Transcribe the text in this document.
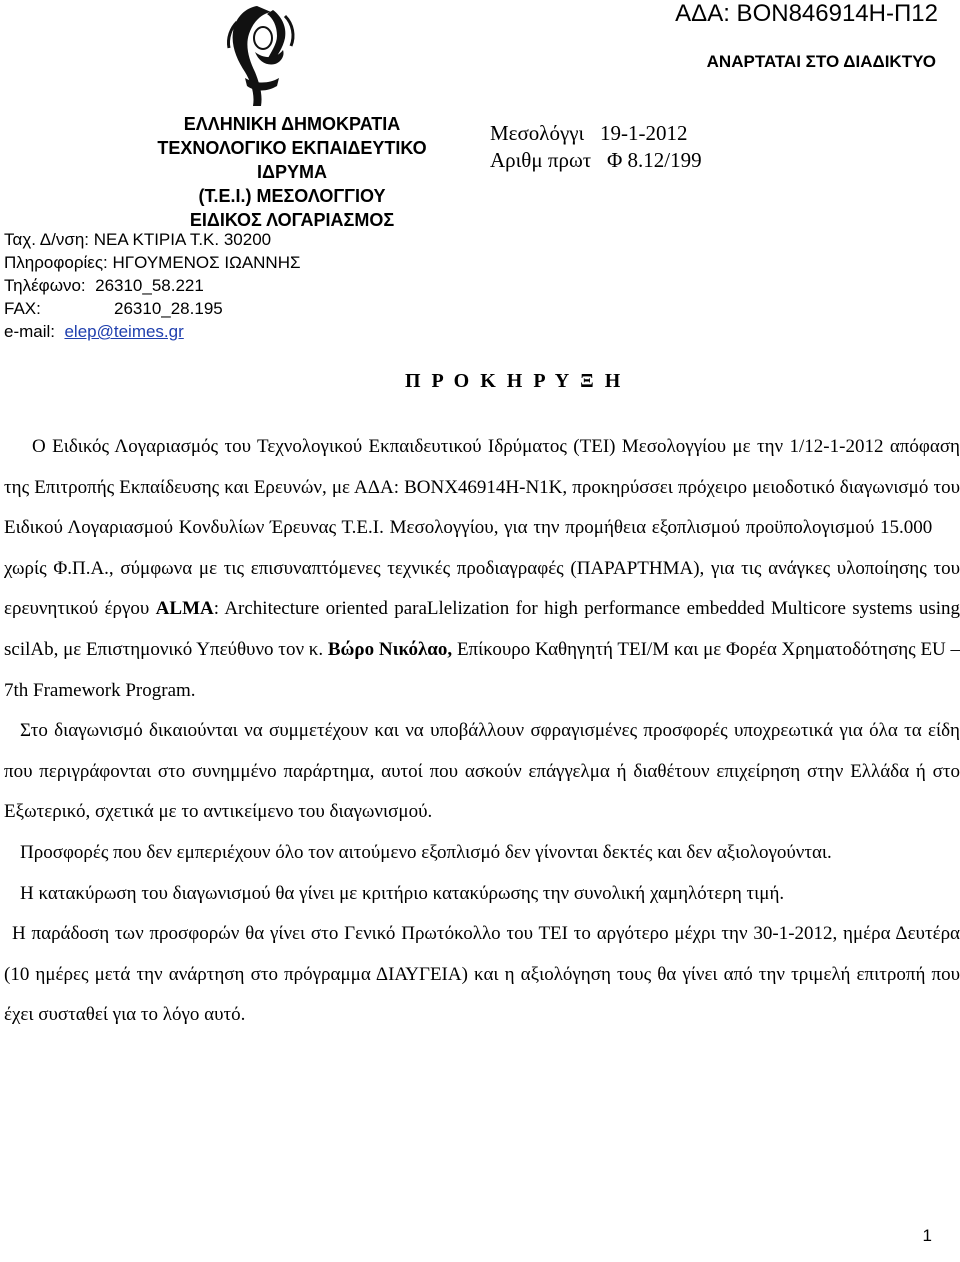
ΑΔΑ: ΒΟΝ846914Η-Π12
ΑΝΑΡΤΑΤΑΙ ΣΤΟ ΔΙΑΔΙΚΤΥΟ
ΕΛΛΗΝΙΚΗ ΔΗΜΟΚΡΑΤΙΑ
ΤΕΧΝΟΛΟΓΙΚΟ ΕΚΠΑΙΔΕΥΤΙΚΟ ΙΔΡΥΜΑ
(Τ.Ε.Ι.) ΜΕΣΟΛΟΓΓΙΟΥ
ΕΙΔΙΚΟΣ ΛΟΓΑΡΙΑΣΜΟΣ
Μεσολόγγι   19-1-2012
Αριθμ πρωτ   Φ 8.12/199
Ταχ. Δ/νση: ΝΕΑ ΚΤΙΡΙΑ Τ.Κ. 30200
Πληροφορίες: ΗΓΟΥΜΕΝΟΣ ΙΩΑΝΝΗΣ
Τηλέφωνο: 26310_58.221
FAX:	26310_28.195
e-mail: elep@teimes.gr
Π Ρ Ο Κ Η Ρ Υ Ξ Η
Ο Ειδικός Λογαριασμός του Τεχνολογικού Εκπαιδευτικού Ιδρύματος (ΤΕΙ) Μεσολογγίου με την 1/12-1-2012 απόφαση της Επιτροπής Εκπαίδευσης και Ερευνών, με ΑΔΑ: ΒΟΝΧ46914Η-Ν1Κ, προκηρύσσει πρόχειρο μειοδοτικό διαγωνισμό του Ειδικού Λογαριασμού Κονδυλίων Έρευνας Τ.Ε.Ι. Μεσολογγίου, για την προμήθεια εξοπλισμού προϋπολογισμού 15.000  χωρίς Φ.Π.Α., σύμφωνα με τις επισυναπτόμενες τεχνικές προδιαγραφές (ΠΑΡΑΡΤΗΜΑ), για τις ανάγκες υλοποίησης του ερευνητικού έργου ALMA: Architecture oriented paraLlelization for high performance embedded Multicore systems using scilAb, με Επιστημονικό Υπεύθυνο τον κ. Βώρο Νικόλαο, Επίκουρο Καθηγητή ΤΕΙ/Μ και με Φορέα Χρηματοδότησης EU – 7th Framework Program.
Στο διαγωνισμό δικαιούνται να συμμετέχουν και να υποβάλλουν σφραγισμένες προσφορές υποχρεωτικά για όλα τα είδη που περιγράφονται στο συνημμένο παράρτημα, αυτοί που ασκούν επάγγελμα ή διαθέτουν επιχείρηση στην Ελλάδα ή στο Εξωτερικό, σχετικά με το αντικείμενο του διαγωνισμού.
Προσφορές που δεν εμπεριέχουν όλο τον αιτούμενο εξοπλισμό δεν γίνονται δεκτές και δεν αξιολογούνται.
Η κατακύρωση του διαγωνισμού θα γίνει με κριτήριο κατακύρωσης την συνολική χαμηλότερη τιμή.
Η παράδοση των προσφορών θα γίνει στο Γενικό Πρωτόκολλο του ΤΕΙ το αργότερο μέχρι την 30-1-2012, ημέρα Δευτέρα (10 ημέρες μετά την ανάρτηση στο πρόγραμμα ΔΙΑΥΓΕΙΑ) και η αξιολόγηση τους θα γίνει από την τριμελή επιτροπή που έχει συσταθεί για το λόγο αυτό.
1
